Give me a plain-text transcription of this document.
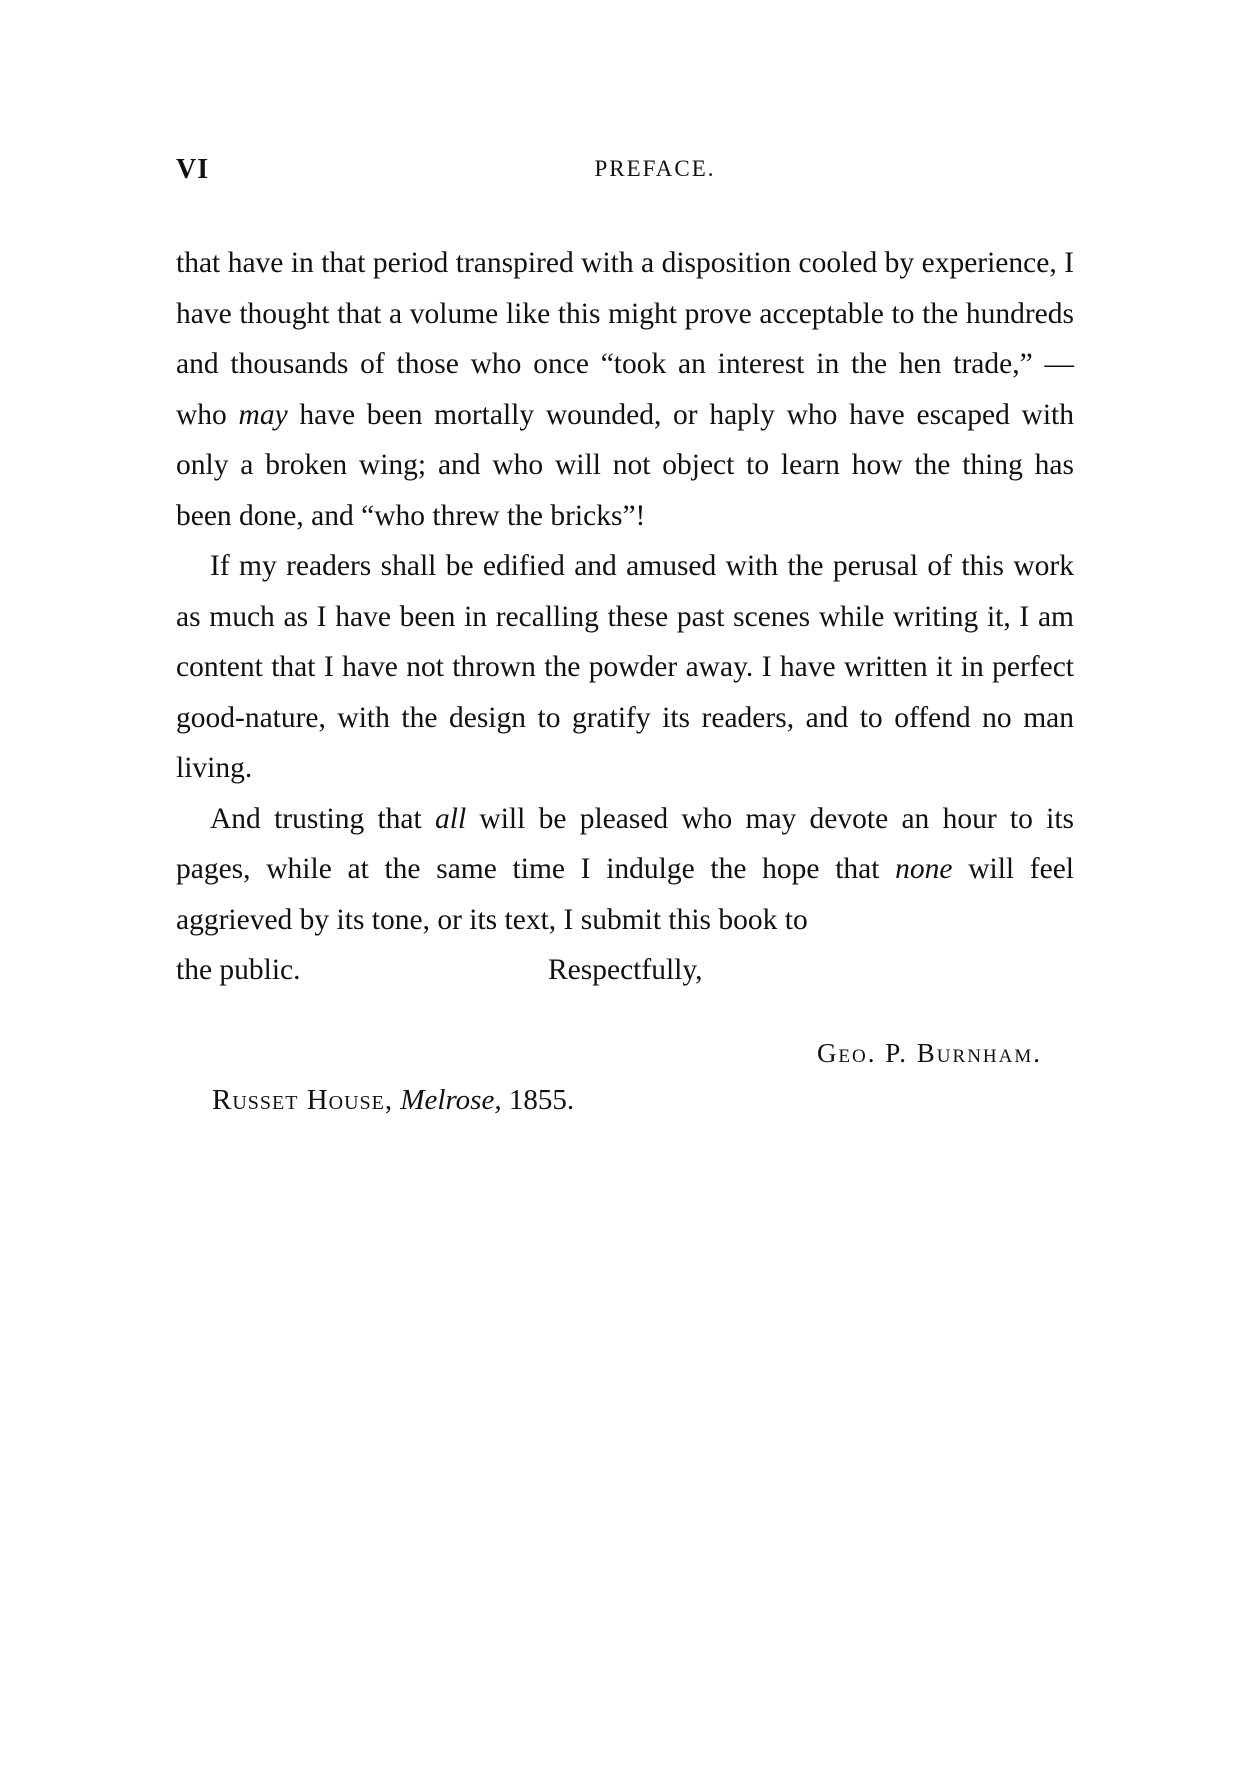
VI	PREFACE.

that have in that period transpired with a disposition cooled by experience, I have thought that a volume like this might prove acceptable to the hundreds and thousands of those who once “took an interest in the hen trade,” — who may have been mortally wounded, or haply who have escaped with only a broken wing; and who will not object to learn how the thing has been done, and “who threw the bricks”!

If my readers shall be edified and amused with the perusal of this work as much as I have been in recalling these past scenes while writing it, I am content that I have not thrown the powder away. I have written it in perfect good-nature, with the design to gratify its readers, and to offend no man living.

And trusting that all will be pleased who may devote an hour to its pages, while at the same time I indulge the hope that none will feel aggrieved by its tone, or its text, I submit this book to

the public.	Respectfully,
Geo. P. Burnham.
Russet House, Melrose, 1855.
